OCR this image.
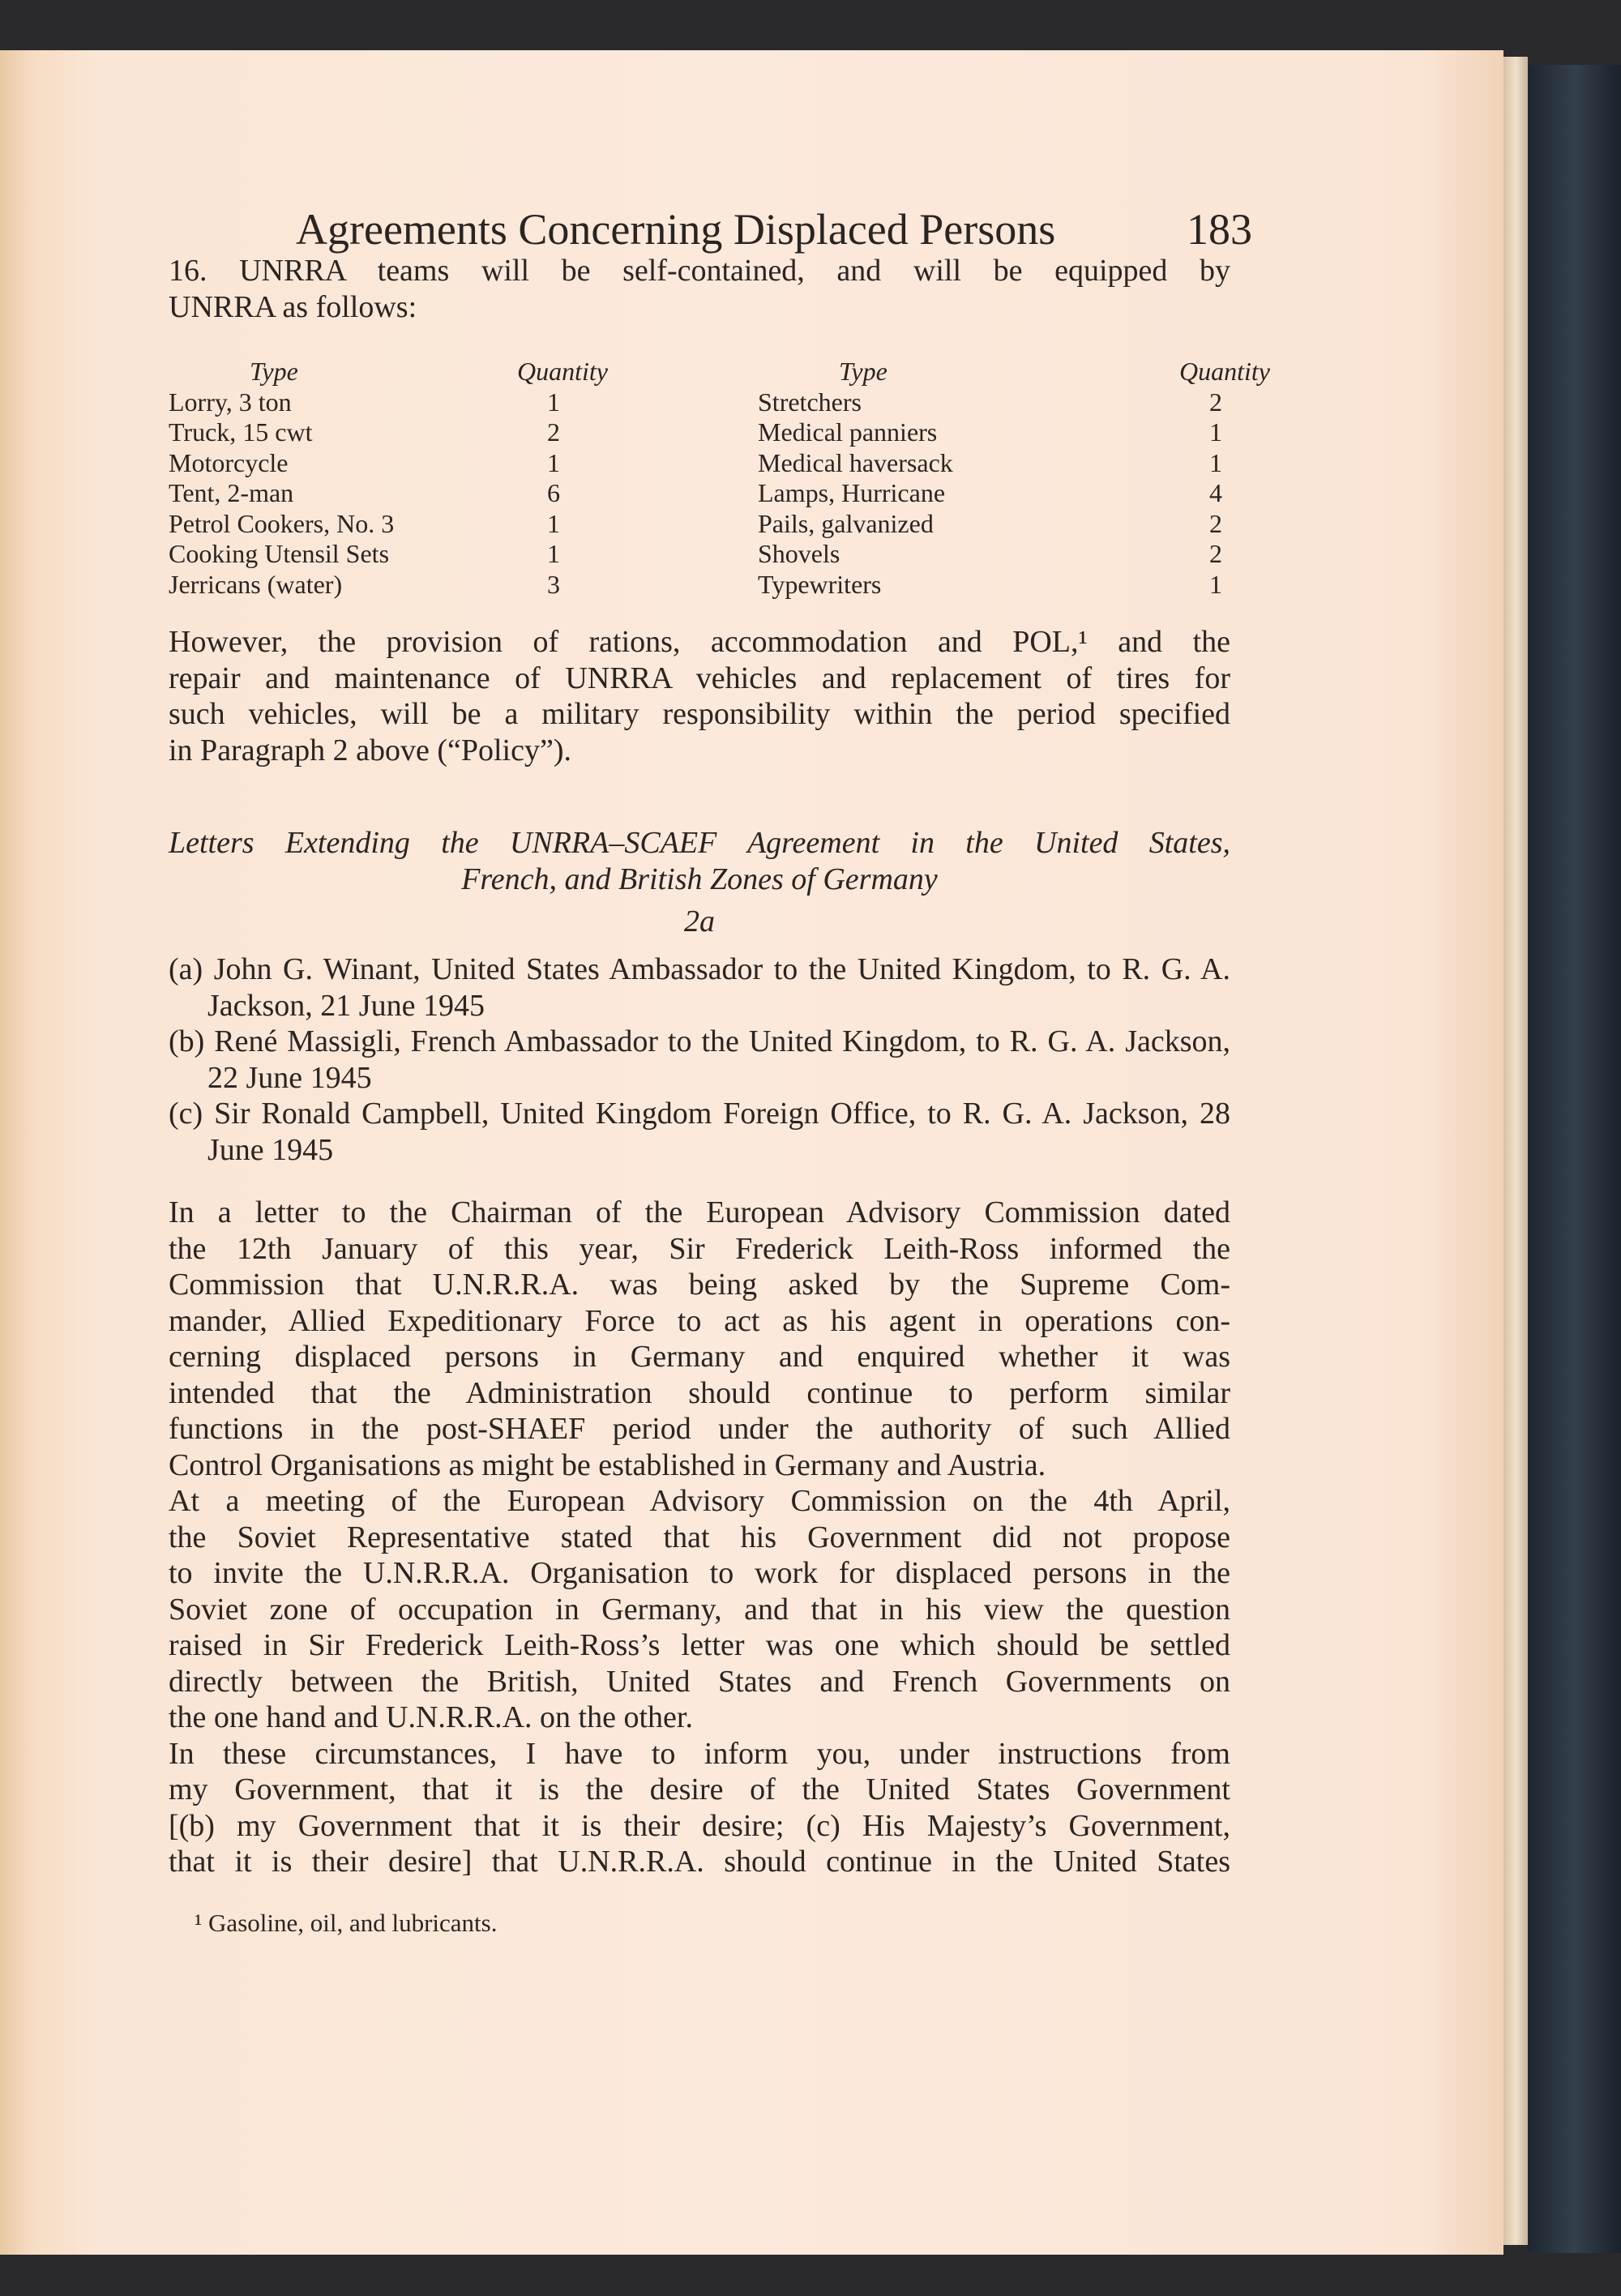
Agreements Concerning Displaced Persons	183
16. UNRRA teams will be self-contained, and will be equipped by
UNRRA as follows:
Type	Quantity
Lorry, 3 ton	1
Truck, 15 cwt	2
Motorcycle	1
Tent, 2-man	6
Petrol Cookers, No. 3	1
Cooking Utensil Sets	1
Jerricans (water)	3
Type	Quantity
Stretchers	2
Medical panniers	1
Medical haversack	1
Lamps, Hurricane	4
Pails, galvanized	2
Shovels	2
Typewriters	1
However, the provision of rations, accommodation and POL,¹ and the
repair and maintenance of UNRRA vehicles and replacement of tires for
such vehicles, will be a military responsibility within the period specified
in Paragraph 2 above (“Policy”).
Letters Extending the UNRRA–SCAEF Agreement in the United States,
French, and British Zones of Germany
2a
(a) John G. Winant, United States Ambassador to the United Kingdom, to R. G. A. Jackson, 21 June 1945
(b) René Massigli, French Ambassador to the United Kingdom, to R. G. A. Jackson, 22 June 1945
(c) Sir Ronald Campbell, United Kingdom Foreign Office, to R. G. A. Jackson, 28 June 1945
In a letter to the Chairman of the European Advisory Commission dated
the 12th January of this year, Sir Frederick Leith-Ross informed the
Commission that U.N.R.R.A. was being asked by the Supreme Com-
mander, Allied Expeditionary Force to act as his agent in operations con-
cerning displaced persons in Germany and enquired whether it was
intended that the Administration should continue to perform similar
functions in the post-SHAEF period under the authority of such Allied
Control Organisations as might be established in Germany and Austria.
At a meeting of the European Advisory Commission on the 4th April,
the Soviet Representative stated that his Government did not propose
to invite the U.N.R.R.A. Organisation to work for displaced persons in the
Soviet zone of occupation in Germany, and that in his view the question
raised in Sir Frederick Leith-Ross’s letter was one which should be settled
directly between the British, United States and French Governments on
the one hand and U.N.R.R.A. on the other.
In these circumstances, I have to inform you, under instructions from
my Government, that it is the desire of the United States Government
[(b) my Government that it is their desire; (c) His Majesty’s Government,
that it is their desire] that U.N.R.R.A. should continue in the United States
¹ Gasoline, oil, and lubricants.
